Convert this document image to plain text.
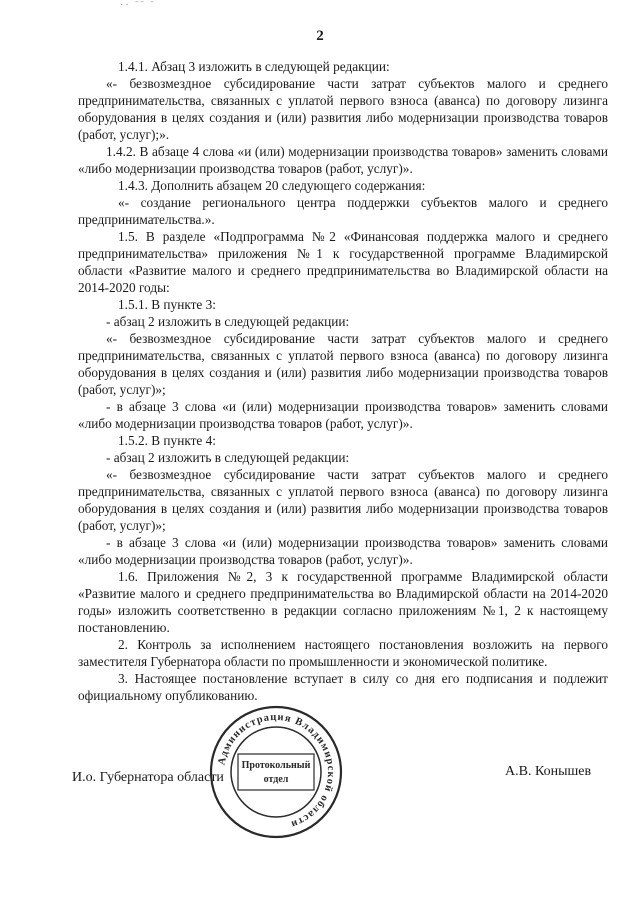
·· ˜ˉ ˉ
2

1.4.1. Абзац 3 изложить в следующей редакции:

«- безвозмездное субсидирование части затрат субъектов малого и среднего предпринимательства, связанных с уплатой первого взноса (аванса) по договору лизинга оборудования в целях создания и (или) развития либо модернизации производства товаров (работ, услуг);».

1.4.2. В абзаце 4 слова «и (или) модернизации производства товаров» заменить словами «либо модернизации производства товаров (работ, услуг)».

1.4.3. Дополнить абзацем 20 следующего содержания:

«- создание регионального центра поддержки субъектов малого и среднего предпринимательства.».

1.5. В разделе «Подпрограмма №2 «Финансовая поддержка малого и среднего предпринимательства» приложения №1 к государственной программе Владимирской области «Развитие малого и среднего предпринимательства во Владимирской области на 2014-2020 годы:

1.5.1. В пункте 3:

- абзац 2 изложить в следующей редакции:

«- безвозмездное субсидирование части затрат субъектов малого и среднего предпринимательства, связанных с уплатой первого взноса (аванса) по договору лизинга оборудования в целях создания и (или) развития либо модернизации производства товаров (работ, услуг)»;

- в абзаце 3 слова «и (или) модернизации производства товаров» заменить словами «либо модернизации производства товаров (работ, услуг)».

1.5.2. В пункте 4:

- абзац 2 изложить в следующей редакции:

«- безвозмездное субсидирование части затрат субъектов малого и среднего предпринимательства, связанных с уплатой первого взноса (аванса) по договору лизинга оборудования в целях создания и (или) развития либо модернизации производства товаров (работ, услуг)»;

- в абзаце 3 слова «и (или) модернизации производства товаров» заменить словами «либо модернизации производства товаров (работ, услуг)».

1.6. Приложения №2, 3 к государственной программе Владимирской области «Развитие малого и среднего предпринимательства во Владимирской области на 2014-2020 годы» изложить соответственно в редакции согласно приложениям №1, 2 к настоящему постановлению.

2. Контроль за исполнением настоящего постановления возложить на первого заместителя Губернатора области по промышленности и экономической политике.

3. Настоящее постановление вступает в силу со дня его подписания и подлежит официальному опубликованию.

И.о. Губернатора области	А.В. Конышев
Администрация Владимирской области
Протокольный
отдел
